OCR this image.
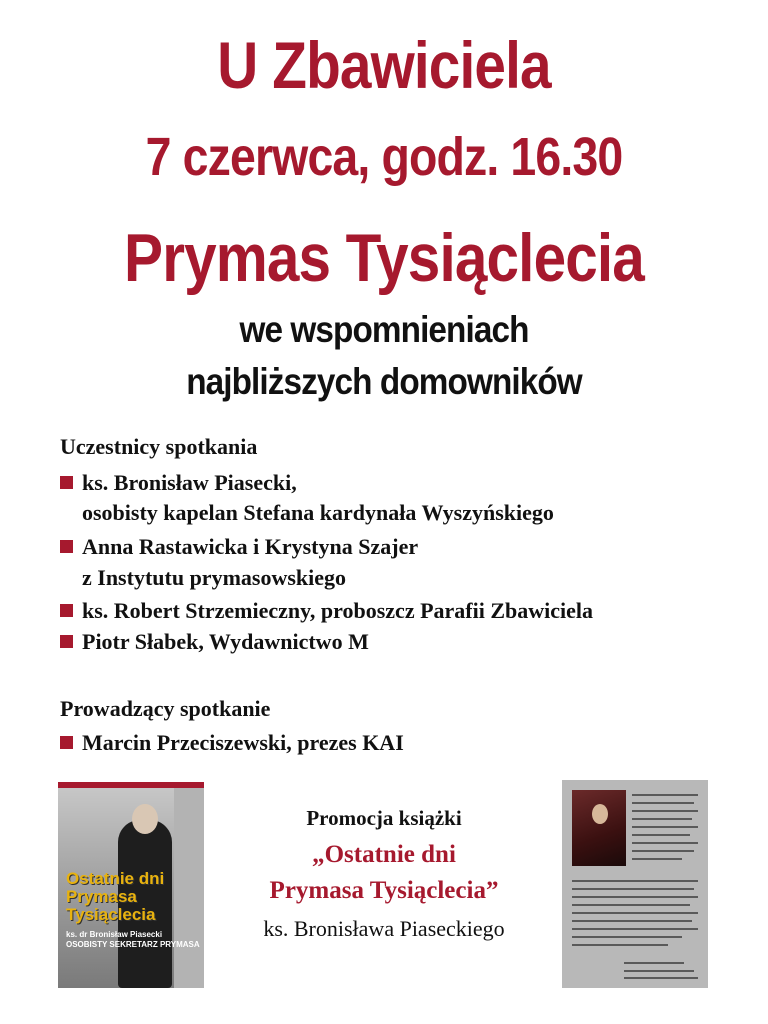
U Zbawiciela
7 czerwca, godz. 16.30
Prymas Tysiąclecia
we wspomnieniach
najbliższych domowników
Uczestnicy spotkania
ks. Bronisław Piasecki,
osobisty kapelan Stefana kardynała Wyszyńskiego
Anna Rastawicka i Krystyna Szajer
z Instytutu prymasowskiego
ks. Robert Strzemieczny, proboszcz Parafii Zbawiciela
Piotr Słabek, Wydawnictwo M
Prowadzący spotkanie
Marcin Przeciszewski, prezes KAI
Ostatnie dni
Prymasa
Tysiąclecia
ks. dr Bronisław Piasecki
OSOBISTY SEKRETARZ PRYMASA
Promocja książki
„Ostatnie dni
Prymasa Tysiąclecia”
ks. Bronisława Piaseckiego
